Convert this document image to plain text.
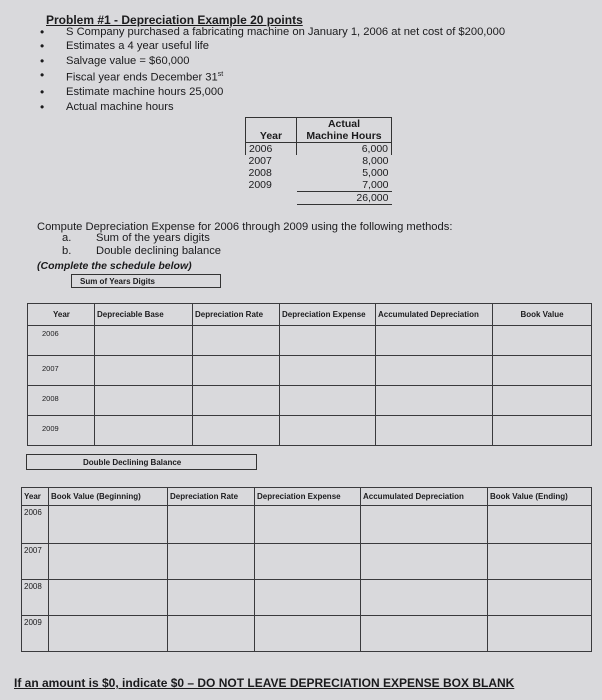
Problem #1 - Depreciation Example 20 points
• S Company purchased a fabricating machine on January 1, 2006 at net cost of $200,000
• Estimates a 4 year useful life
• Salvage value = $60,000
• Fiscal year ends December 31st
• Estimate machine hours 25,000
• Actual machine hours
Year	Actual
Machine Hours

2006	6,000
2007	8,000
2008	5,000
2009	7,000
	26,000
Compute Depreciation Expense for 2006 through 2009 using the following methods:
a. Sum of the years digits
b. Double declining balance
(Complete the schedule below)
Sum of Years Digits
Year	Depreciable Base	Depreciation Rate	Depreciation Expense	Accumulated Depreciation	Book Value
2006					
2007					
2008					
2009					
Double Declining Balance
Year	Book Value (Beginning)	Depreciation Rate	Depreciation Expense	Accumulated Depreciation	Book Value (Ending)
2006					
2007					
2008					
2009					
If an amount is $0, indicate $0 – DO NOT LEAVE DEPRECIATION EXPENSE BOX BLANK
